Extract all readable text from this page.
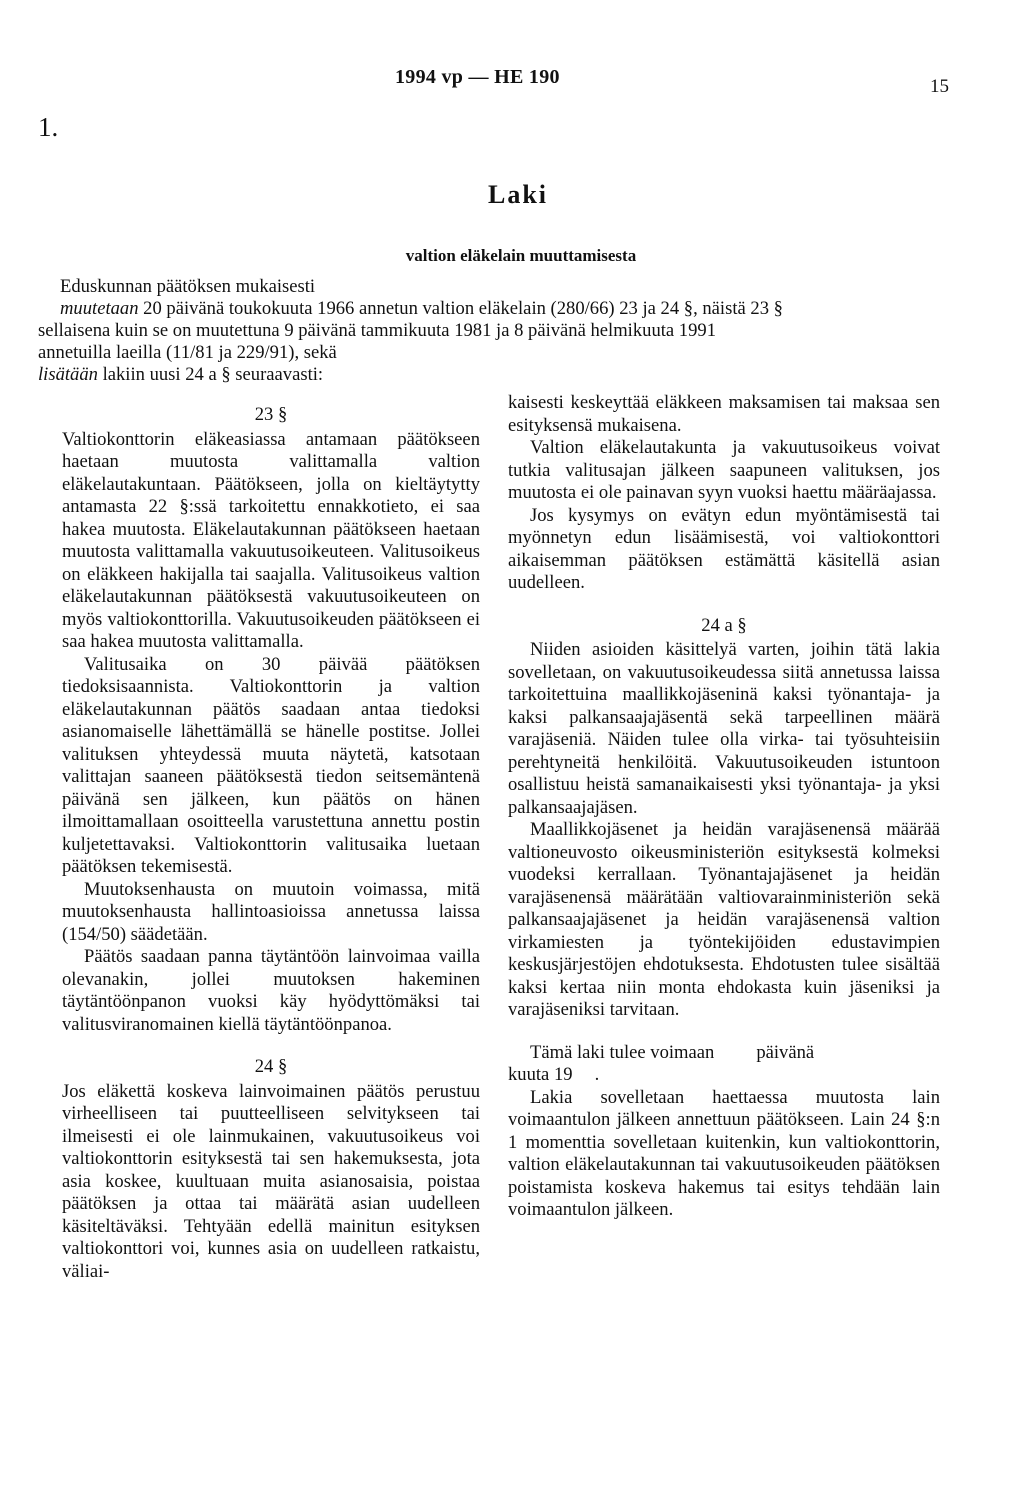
1.
1994 vp — HE 190	15
Laki
valtion eläkelain muuttamisesta
Eduskunnan päätöksen mukaisesti
muutetaan 20 päivänä toukokuuta 1966 annetun valtion eläkelain (280/66) 23 ja 24 §, näistä 23 §
sellaisena kuin se on muutettuna 9 päivänä tammikuuta 1981 ja 8 päivänä helmikuuta 1991
annetuilla laeilla (11/81 ja 229/91), sekä
lisätään lakiin uusi 24 a § seuraavasti:
23 §

Valtiokonttorin eläkeasiassa antamaan päätökseen haetaan muutosta valittamalla valtion eläkelautakuntaan. Päätökseen, jolla on kieltäytytty antamasta 22 §:ssä tarkoitettu ennakkotieto, ei saa hakea muutosta. Eläkelautakunnan päätökseen haetaan muutosta valittamalla vakuutusoikeuteen. Valitusoikeus on eläkkeen hakijalla tai saajalla. Valitusoikeus valtion eläkelautakunnan päätöksestä vakuutusoikeuteen on myös valtiokonttorilla. Vakuutusoikeuden päätökseen ei saa hakea muutosta valittamalla.

Valitusaika on 30 päivää päätöksen tiedoksisaannista. Valtiokonttorin ja valtion eläkelautakunnan päätös saadaan antaa tiedoksi asianomaiselle lähettämällä se hänelle postitse. Jollei valituksen yhteydessä muuta näytetä, katsotaan valittajan saaneen päätöksestä tiedon seitsemäntenä päivänä sen jälkeen, kun päätös on hänen ilmoittamallaan osoitteella varustettuna annettu postin kuljetettavaksi. Valtiokonttorin valitusaika luetaan päätöksen tekemisestä.

Muutoksenhausta on muutoin voimassa, mitä muutoksenhausta hallintoasioissa annetussa laissa (154/50) säädetään.

Päätös saadaan panna täytäntöön lainvoimaa vailla olevanakin, jollei muutoksen hakeminen täytäntöönpanon vuoksi käy hyödyttömäksi tai valitusviranomainen kiellä täytäntöönpanoa.

24 §

Jos eläkettä koskeva lainvoimainen päätös perustuu virheelliseen tai puutteelliseen selvitykseen tai ilmeisesti ei ole lainmukainen, vakuutusoikeus voi valtiokonttorin esityksestä tai sen hakemuksesta, jota asia koskee, kuultuaan muita asianosaisia, poistaa päätöksen ja ottaa tai määrätä asian uudelleen käsiteltäväksi. Tehtyään edellä mainitun esityksen valtiokonttori voi, kunnes asia on uudelleen ratkaistu, väliai-

kaisesti keskeyttää eläkkeen maksamisen tai maksaa sen esityksensä mukaisena.

Valtion eläkelautakunta ja vakuutusoikeus voivat tutkia valitusajan jälkeen saapuneen valituksen, jos muutosta ei ole painavan syyn vuoksi haettu määräajassa.

Jos kysymys on evätyn edun myöntämisestä tai myönnetyn edun lisäämisestä, voi valtiokonttori aikaisemman päätöksen estämättä käsitellä asian uudelleen.

24 a §

Niiden asioiden käsittelyä varten, joihin tätä lakia sovelletaan, on vakuutusoikeudessa siitä annetussa laissa tarkoitettuina maallikkojäseninä kaksi työnantaja- ja kaksi palkansaajajäsentä sekä tarpeellinen määrä varajäseniä. Näiden tulee olla virka- tai työsuhteisiin perehtyneitä henkilöitä. Vakuutusoikeuden istuntoon osallistuu heistä samanaikaisesti yksi työnantaja- ja yksi palkansaajajäsen.

Maallikkojäsenet ja heidän varajäsenensä määrää valtioneuvosto oikeusministeriön esityksestä kolmeksi vuodeksi kerrallaan. Työnantajajäsenet ja heidän varajäsenensä määrätään valtiovarainministeriön sekä palkansaajajäsenet ja heidän varajäsenensä valtion virkamiesten ja työntekijöiden edustavimpien keskusjärjestöjen ehdotuksesta. Ehdotusten tulee sisältää kaksi kertaa niin monta ehdokasta kuin jäseniksi ja varajäseniksi tarvitaan.

Tämä laki tulee voimaan päivänä

kuuta 19 .

Lakia sovelletaan haettaessa muutosta lain voimaantulon jälkeen annettuun päätökseen. Lain 24 §:n 1 momenttia sovelletaan kuitenkin, kun valtiokonttorin, valtion eläkelautakunnan tai vakuutusoikeuden päätöksen poistamista koskeva hakemus tai esitys tehdään lain voimaantulon jälkeen.
